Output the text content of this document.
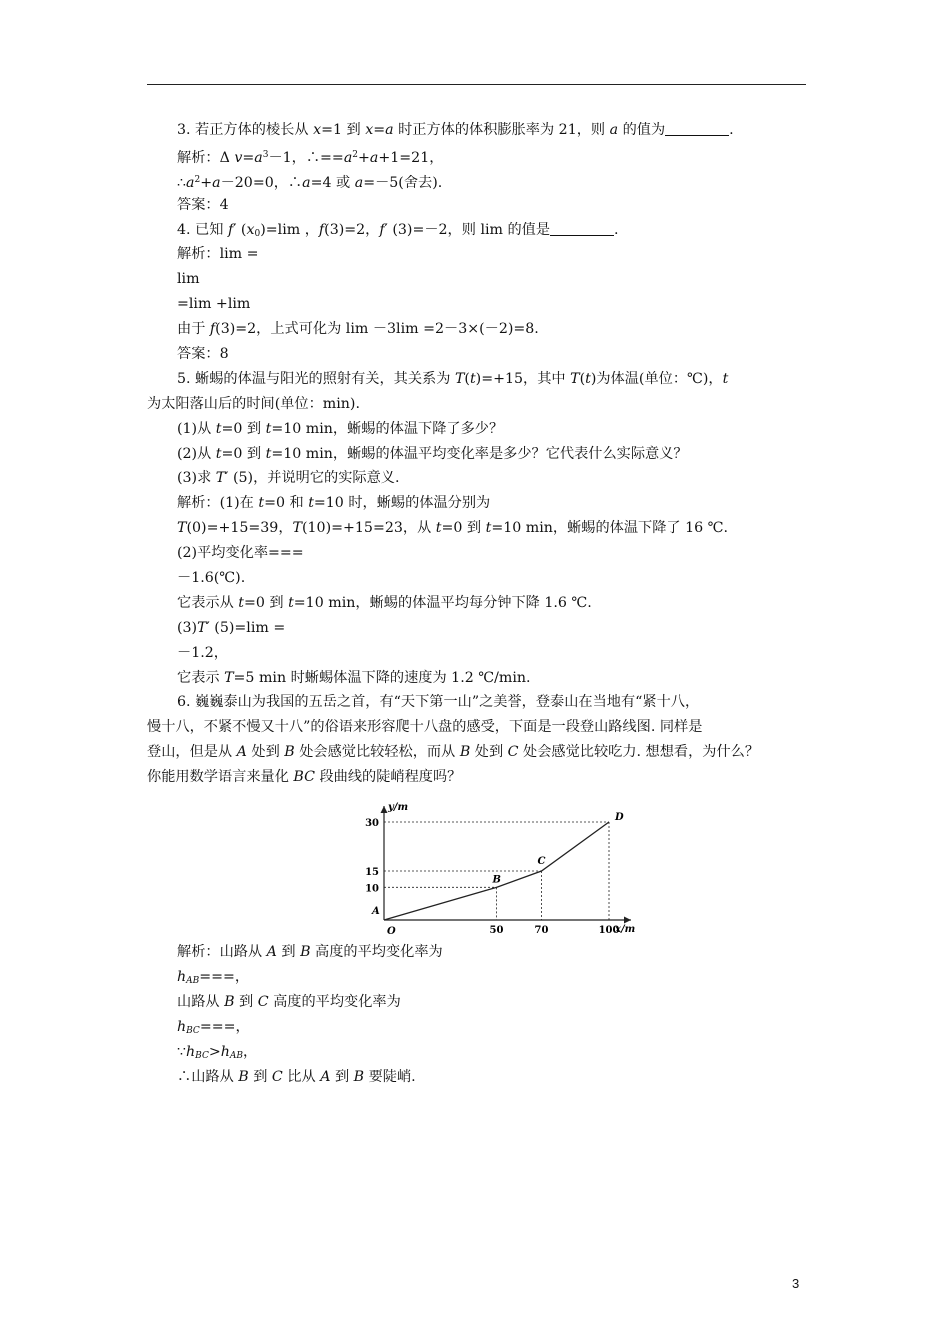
3. 若正方体的棱长从 x=1 到 x=a 时正方体的体积膨胀率为 21，则 a 的值为	.
解析：Δ $v=a^3-1$，$\therefore==a^2+a+1=21$，
$\therefore a^2+a-20=0$，∴a=4 或 a=－5(舍去).
答案：4
4. 已知 f′ $(x_0)=\lim$ ，f(3)=2，f′ (3)=－2，则 lim 的值是	.
解析：lim =
lim
=lim +lim
由于 f(3)=2，上式可化为 lim －3lim =2－3×(－2)=8.
答案：8
5. 蜥蜴的体温与阳光的照射有关，其关系为 T(t)=+15，其中 T(t)为体温(单位：℃)，t
为太阳落山后的时间(单位：min).
(1)从 t=0 到 t=10 min，蜥蜴的体温下降了多少？
(2)从 t=0 到 t=10 min，蜥蜴的体温平均变化率是多少？它代表什么实际意义？
(3)求 T′ (5)，并说明它的实际意义.
解析：(1)在 t=0 和 t=10 时，蜥蜴的体温分别为
T(0)=+15=39，T(10)=+15=23，从 t=0 到 t=10 min，蜥蜴的体温下降了 16 ℃.
(2)平均变化率===
－1.6(℃).
它表示从 t=0 到 t=10 min，蜥蜴的体温平均每分钟下降 1.6 ℃.
(3)T′ (5)=lim =
－1.2，
它表示 T=5 min 时蜥蜴体温下降的速度为 1.2 ℃/min.
6. 巍巍泰山为我国的五岳之首，有“天下第一山”之美誉，登泰山在当地有“紧十八，
慢十八，不紧不慢又十八”的俗语来形容爬十八盘的感受，下面是一段登山路线图. 同样是
登山，但是从 A 处到 B 处会感觉比较轻松，而从 B 处到 C 处会感觉比较吃力. 想想看，为什么？
你能用数学语言来量化 BC 段曲线的陡峭程度吗？
解析：山路从 A 到 B 高度的平均变化率为
$h_{AB}===$，
山路从 B 到 C 高度的平均变化率为
$h_{BC}===$，
$\because h_{BC}>h_{AB}$，
∴山路从 B 到 C 比从 A 到 B 要陡峭.
y/m
x/m
O	50	70	100
10
15
30
A
B
C
D
3
